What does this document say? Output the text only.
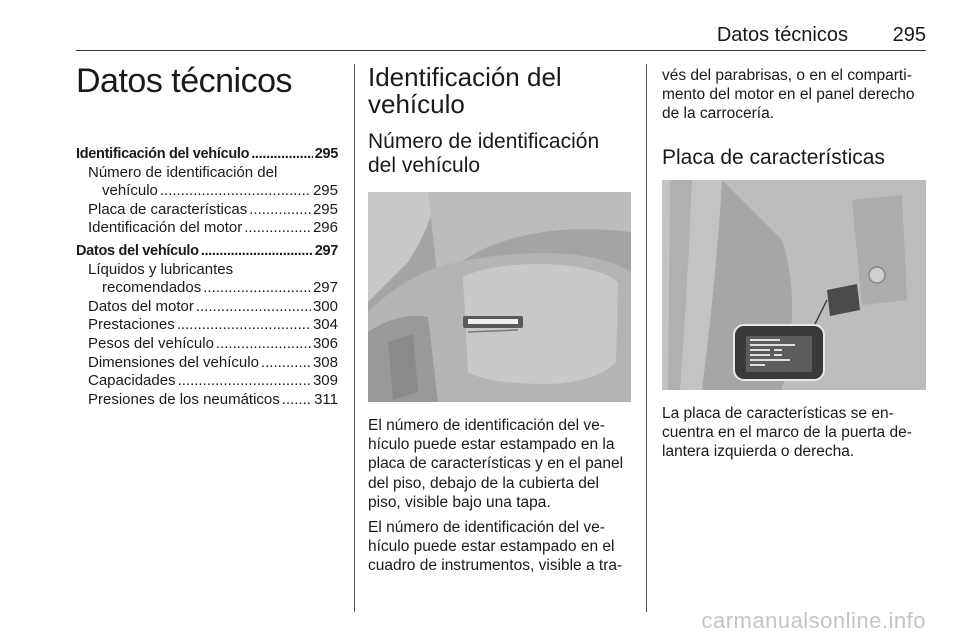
Datos técnicos 295
Datos técnicos
Identificación del vehículo .....	295
Número de identificación del
vehículo .....	295
Placa de características .....	295
Identificación del motor .....	296
Datos del vehículo .....	297
Líquidos y lubricantes
recomendados .....	297
Datos del motor .....	300
Prestaciones .....	304
Pesos del vehículo .....	306
Dimensiones del vehículo .....	308
Capacidades .....	309
Presiones de los neumáticos ..... 311
Identificación del vehículo
Número de identificación del vehículo

El número de identificación del vehículo puede estar estampado en la placa de características y en el panel del piso, debajo de la cubierta del piso, visible bajo una tapa.

El número de identificación del vehículo puede estar estampado en el cuadro de instrumentos, visible a tra-

vés del parabrisas, o en el compartimento del motor en el panel derecho de la carrocería.

Placa de características

La placa de características se encuentra en el marco de la puerta delantera izquierda o derecha.

carmanualsonline.info
